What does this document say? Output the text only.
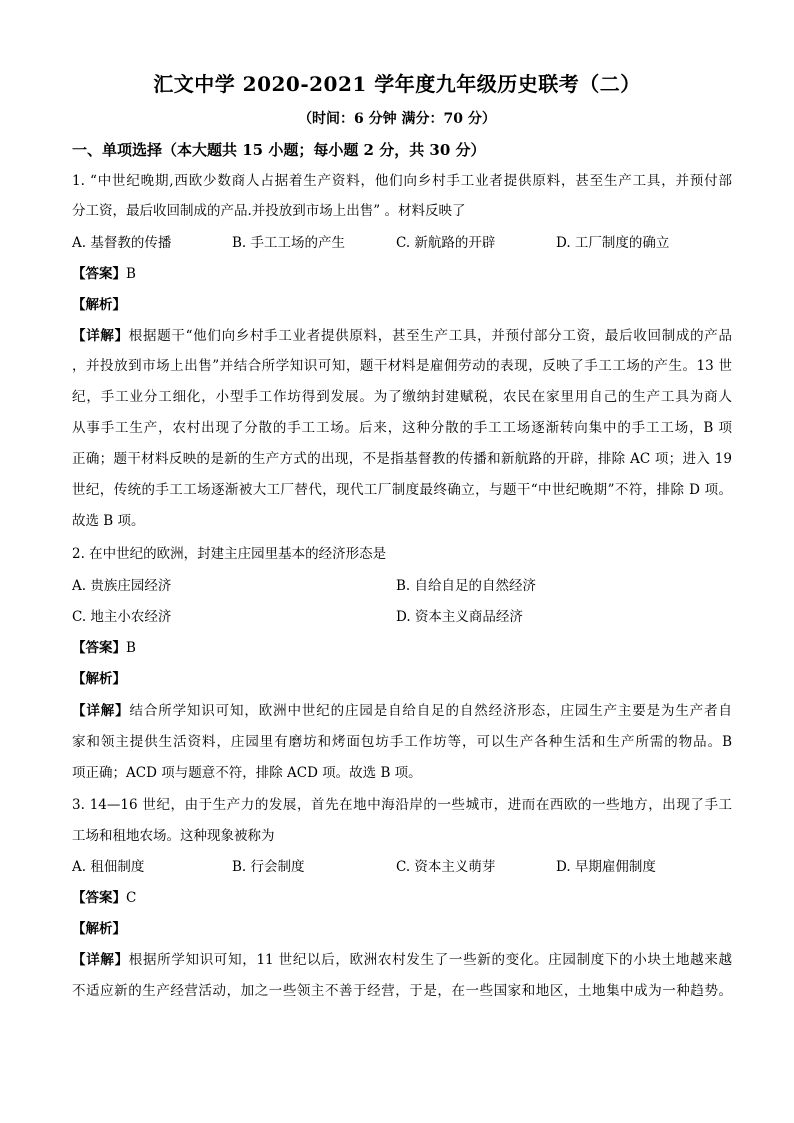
汇文中学 2020-2021 学年度九年级历史联考（二）
（时间：6 分钟 满分：70 分）
一、单项选择（本大题共 15 小题；每小题 2 分，共 30 分）
1. “中世纪晚期,西欧少数商人占据着生产资料，他们向乡村手工业者提供原料，甚至生产工具，并预付部
分工资，最后收回制成的产品.并投放到市场上出售” 。材料反映了
A. 基督教的传播	B. 手工工场的产生	C. 新航路的开辟	D. 工厂制度的确立
【答案】B
【解析】
【详解】根据题干“他们向乡村手工业者提供原料，甚至生产工具，并预付部分工资，最后收回制成的产品
，并投放到市场上出售”并结合所学知识可知，题干材料是雇佣劳动的表现，反映了手工工场的产生。13 世
纪，手工业分工细化，小型手工作坊得到发展。为了缴纳封建赋税，农民在家里用自己的生产工具为商人
从事手工生产，农村出现了分散的手工工场。后来，这种分散的手工工场逐渐转向集中的手工工场，B 项
正确；题干材料反映的是新的生产方式的出现，不是指基督教的传播和新航路的开辟，排除 AC 项；进入 19
世纪，传统的手工工场逐渐被大工厂替代，现代工厂制度最终确立，与题干“中世纪晚期”不符，排除 D 项。
故选 B 项。
2. 在中世纪的欧洲，封建主庄园里基本的经济形态是
A. 贵族庄园经济	B. 自给自足的自然经济
C. 地主小农经济	D. 资本主义商品经济
【答案】B
【解析】
【详解】结合所学知识可知，欧洲中世纪的庄园是自给自足的自然经济形态，庄园生产主要是为生产者自
家和领主提供生活资料，庄园里有磨坊和烤面包坊手工作坊等，可以生产各种生活和生产所需的物品。B
项正确；ACD 项与题意不符，排除 ACD 项。故选 B 项。
3. 14—16 世纪，由于生产力的发展，首先在地中海沿岸的一些城市，进而在西欧的一些地方，出现了手工
工场和租地农场。这种现象被称为
A. 租佃制度	B. 行会制度	C. 资本主义萌芽	D. 早期雇佣制度
【答案】C
【解析】
【详解】根据所学知识可知，11 世纪以后，欧洲农村发生了一些新的变化。庄园制度下的小块土地越来越
不适应新的生产经营活动，加之一些领主不善于经营，于是，在一些国家和地区，土地集中成为一种趋势。
